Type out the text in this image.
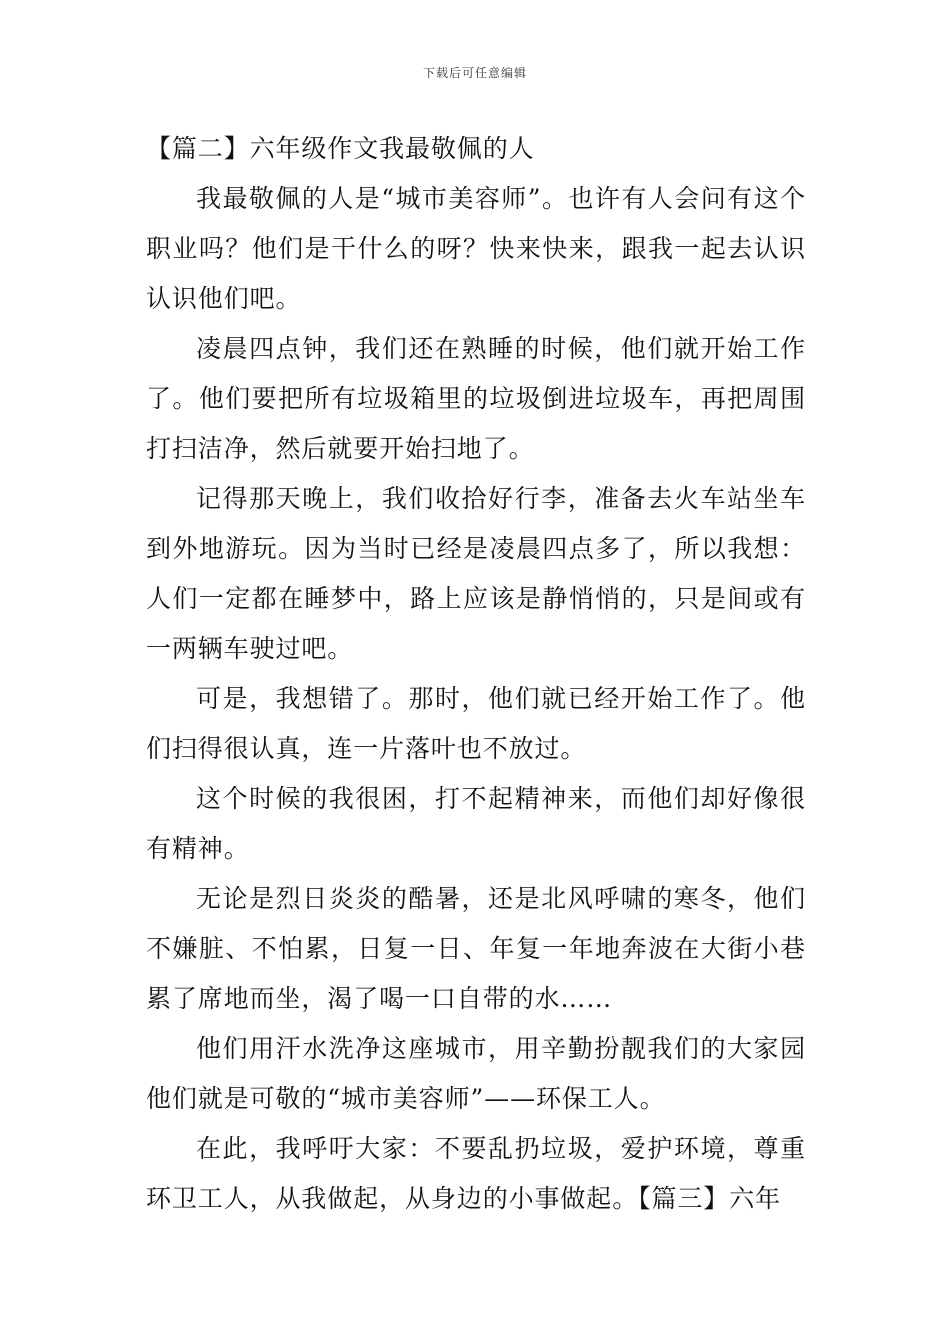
下载后可任意编辑
【篇二】六年级作文我最敬佩的人

我最敬佩的人是“城市美容师”。也许有人会问有这个职业吗？他们是干什么的呀？快来快来，跟我一起去认识认识他们吧。

凌晨四点钟，我们还在熟睡的时候，他们就开始工作了。他们要把所有垃圾箱里的垃圾倒进垃圾车，再把周围打扫洁净，然后就要开始扫地了。

记得那天晚上，我们收拾好行李，准备去火车站坐车到外地游玩。因为当时已经是凌晨四点多了，所以我想：人们一定都在睡梦中，路上应该是静悄悄的，只是间或有一两辆车驶过吧。

可是，我想错了。那时，他们就已经开始工作了。他们扫得很认真，连一片落叶也不放过。

这个时候的我很困，打不起精神来，而他们却好像很有精神。

无论是烈日炎炎的酷暑，还是北风呼啸的寒冬，他们不嫌脏、不怕累，日复一日、年复一年地奔波在大街小巷累了席地而坐，渴了喝一口自带的水……

他们用汗水洗净这座城市，用辛勤扮靓我们的大家园他们就是可敬的“城市美容师”——环保工人。

在此，我呼吁大家：不要乱扔垃圾，爱护环境，尊重环卫工人，从我做起，从身边的小事做起。【篇三】六年
